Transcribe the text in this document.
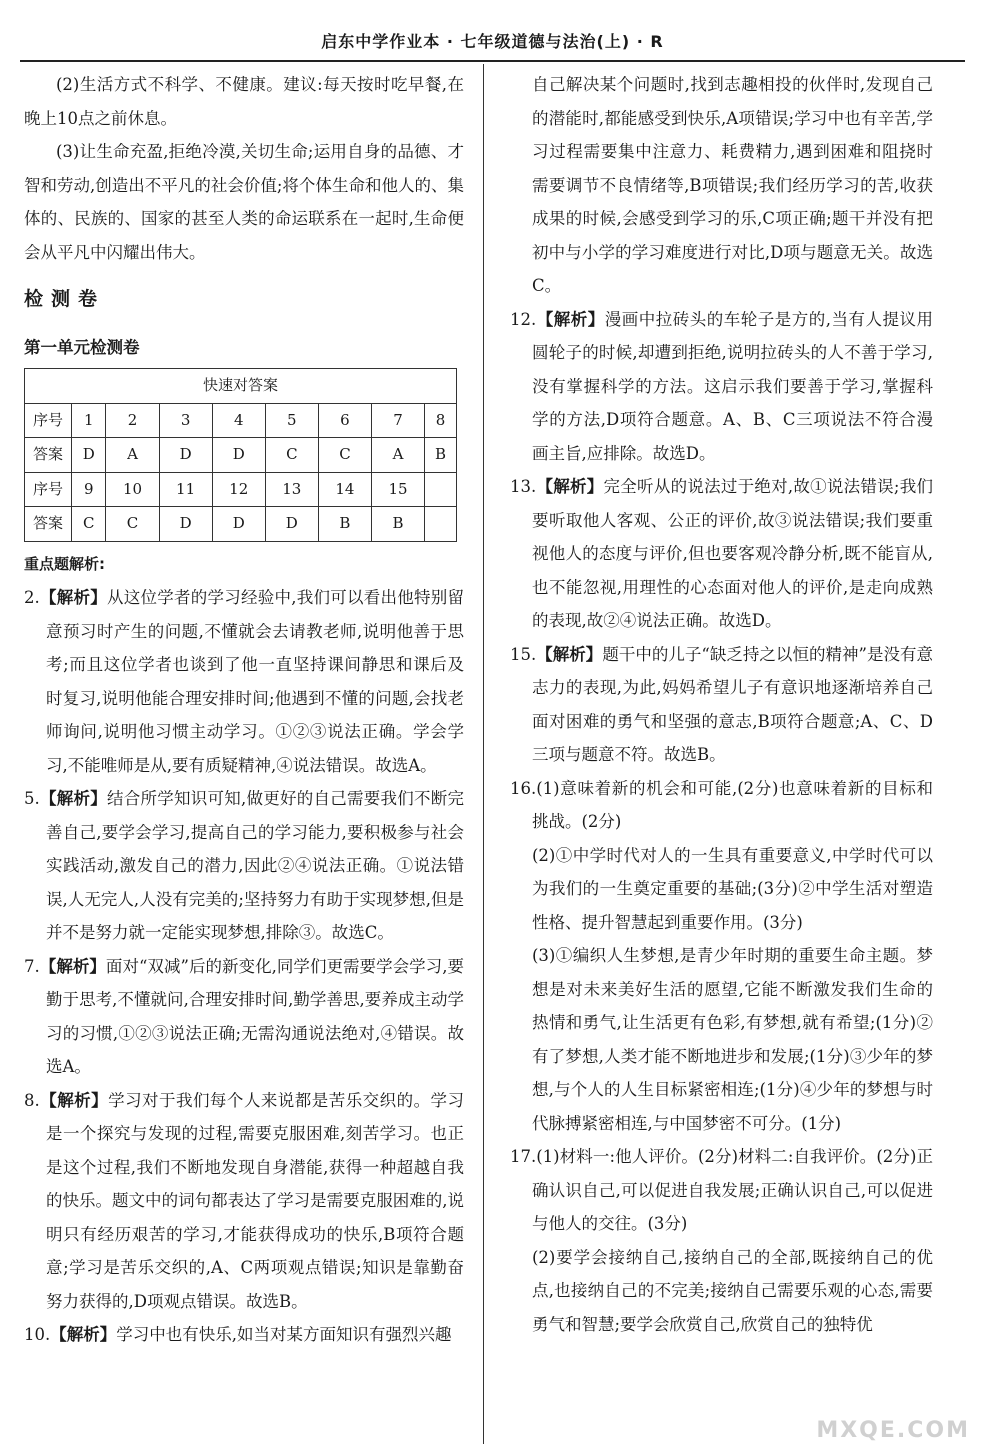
启东中学作业本 · 七年级道德与法治(上) · R

(2)生活方式不科学、不健康。建议:每天按时吃早餐,在晚上10点之前休息。

(3)让生命充盈,拒绝冷漠,关切生命;运用自身的品德、才智和劳动,创造出不平凡的社会价值;将个体生命和他人的、集体的、民族的、国家的甚至人类的命运联系在一起时,生命便会从平凡中闪耀出伟大。

检测卷
第一单元检测卷
快速对答案								
序号	1	2	3	4	5	6	7	8
答案	D	A	D	D	C	C	A	B
序号	9	10	11	12	13	14	15	
答案	C	C	D	D	D	B	B	
重点题解析:

2.【解析】从这位学者的学习经验中,我们可以看出他特别留意预习时产生的问题,不懂就会去请教老师,说明他善于思考;而且这位学者也谈到了他一直坚持课间静思和课后及时复习,说明他能合理安排时间;他遇到不懂的问题,会找老师询问,说明他习惯主动学习。①②③说法正确。学会学习,不能唯师是从,要有质疑精神,④说法错误。故选A。

5.【解析】结合所学知识可知,做更好的自己需要我们不断完善自己,要学会学习,提高自己的学习能力,要积极参与社会实践活动,激发自己的潜力,因此②④说法正确。①说法错误,人无完人,人没有完美的;坚持努力有助于实现梦想,但是并不是努力就一定能实现梦想,排除③。故选C。

7.【解析】面对“双减”后的新变化,同学们更需要学会学习,要勤于思考,不懂就问,合理安排时间,勤学善思,要养成主动学习的习惯,①②③说法正确;无需沟通说法绝对,④错误。故选A。

8.【解析】学习对于我们每个人来说都是苦乐交织的。学习是一个探究与发现的过程,需要克服困难,刻苦学习。也正是这个过程,我们不断地发现自身潜能,获得一种超越自我的快乐。题文中的词句都表达了学习是需要克服困难的,说明只有经历艰苦的学习,才能获得成功的快乐,B项符合题意;学习是苦乐交织的,A、C两项观点错误;知识是靠勤奋努力获得的,D项观点错误。故选B。

10.【解析】学习中也有快乐,如当对某方面知识有强烈兴趣

自己解决某个问题时,找到志趣相投的伙伴时,发现自己的潜能时,都能感受到快乐,A项错误;学习中也有辛苦,学习过程需要集中注意力、耗费精力,遇到困难和阻挠时需要调节不良情绪等,B项错误;我们经历学习的苦,收获成果的时候,会感受到学习的乐,C项正确;题干并没有把初中与小学的学习难度进行对比,D项与题意无关。故选C。

12.【解析】漫画中拉砖头的车轮子是方的,当有人提议用圆轮子的时候,却遭到拒绝,说明拉砖头的人不善于学习,没有掌握科学的方法。这启示我们要善于学习,掌握科学的方法,D项符合题意。A、B、C三项说法不符合漫画主旨,应排除。故选D。

13.【解析】完全听从的说法过于绝对,故①说法错误;我们要听取他人客观、公正的评价,故③说法错误;我们要重视他人的态度与评价,但也要客观冷静分析,既不能盲从,也不能忽视,用理性的心态面对他人的评价,是走向成熟的表现,故②④说法正确。故选D。

15.【解析】题干中的儿子“缺乏持之以恒的精神”是没有意志力的表现,为此,妈妈希望儿子有意识地逐渐培养自己面对困难的勇气和坚强的意志,B项符合题意;A、C、D三项与题意不符。故选B。

16.(1)意味着新的机会和可能,(2分)也意味着新的目标和挑战。(2分)

(2)①中学时代对人的一生具有重要意义,中学时代可以为我们的一生奠定重要的基础;(3分)②中学生活对塑造性格、提升智慧起到重要作用。(3分)

(3)①编织人生梦想,是青少年时期的重要生命主题。梦想是对未来美好生活的愿望,它能不断激发我们生命的热情和勇气,让生活更有色彩,有梦想,就有希望;(1分)②有了梦想,人类才能不断地进步和发展;(1分)③少年的梦想,与个人的人生目标紧密相连;(1分)④少年的梦想与时代脉搏紧密相连,与中国梦密不可分。(1分)

17.(1)材料一:他人评价。(2分)材料二:自我评价。(2分)正确认识自己,可以促进自我发展;正确认识自己,可以促进与他人的交往。(3分)

(2)要学会接纳自己,接纳自己的全部,既接纳自己的优点,也接纳自己的不完美;接纳自己需要乐观的心态,需要勇气和智慧;要学会欣赏自己,欣赏自己的独特优

MXQE.COM
